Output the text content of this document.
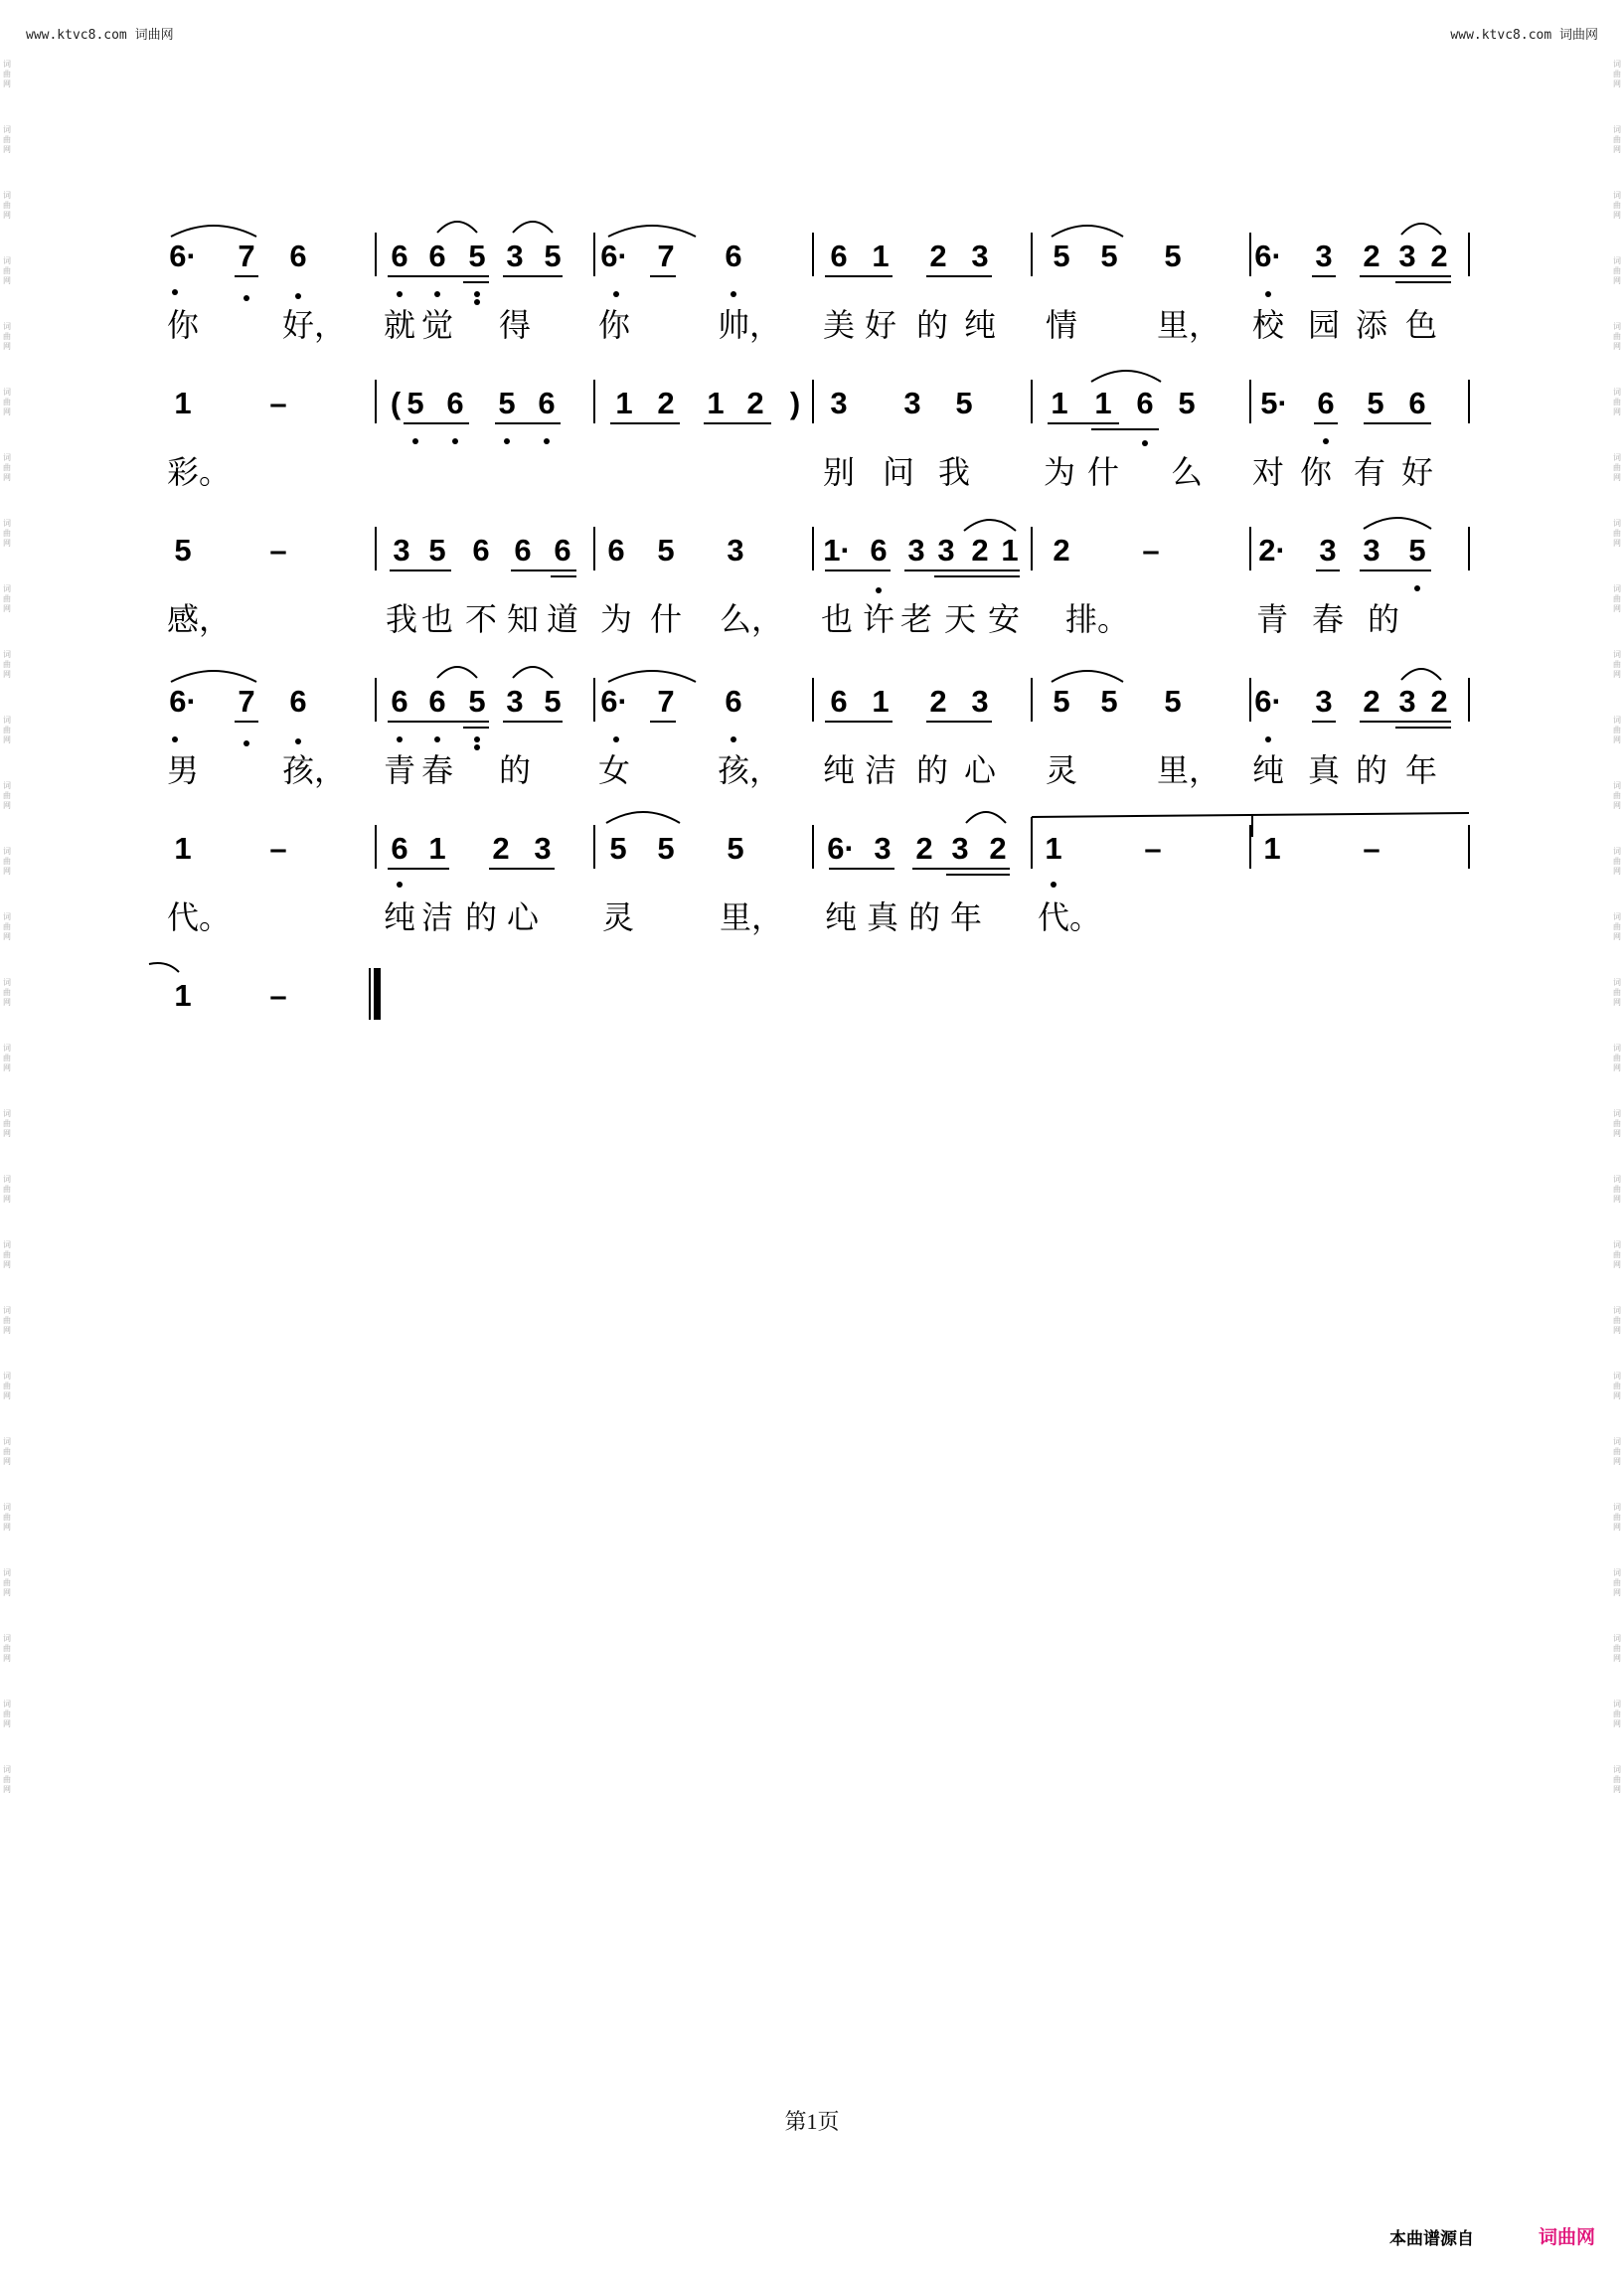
www.ktvc8.com 词曲网	www.ktvc8.com 词曲网
词
曲
网
词
曲
网
词
曲
网
词
曲
网
词
曲
网
词
曲
网
词
曲
网
词
曲
网
词
曲
网
词
曲
网
词
曲
网
词
曲
网
词
曲
网
词
曲
网
词
曲
网
词
曲
网
词
曲
网
词
曲
网
词
曲
网
词
曲
网
词
曲
网
词
曲
网
词
曲
网
词
曲
网
词
曲
网
词
曲
网
词
曲
网
词
曲
网
词
曲
网
词
曲
网
词
曲
网
词
曲
网
词
曲
网
词
曲
网
词
曲
网
词
曲
网
词
曲
网
词
曲
网
词
曲
网
词
曲
网
词
曲
网
词
曲
网
词
曲
网
词
曲
网
词
曲
网
词
曲
网
词
曲
网
词
曲
网
词
曲
网
词
曲
网
词
曲
网
词
曲
网
词
曲
网
词
曲
网
6· 7 6	6 6 5 3 5 6· 7 6	6 1 2 3 5 5 5 6· 3 2 3 2
你	好， 就 觉 得 你	帅， 美 好 的 纯 情 里， 校 园 添 色
1	–	( 5 6 5 6 1 2 1 2 ) 3 3 5	1 1 6 5 5· 6 5 6
彩。	别 问 我 为 什 么 对 你 有 好
5	–	3 5 6 6 6 6 5 3	1· 6 3 3 2 1 2 –	2· 3 3 5
感，	我 也 不 知 道 为 什 么， 也 许 老 天 安 排。	青 春 的
6· 7 6	6 6 5 3 5 6· 7 6	6 1 2 3 5 5 5 6· 3 2 3 2
男	孩， 青 春 的 女	孩， 纯 洁 的 心 灵 里， 纯 真 的 年
1	–	6 1 2 3 5 5 5	6· 3 2 3 2 1	–	1	–
代。	纯 洁 的 心 灵	里， 纯 真 的 年 代。
1	–
第1页
本曲谱源自	词曲网
